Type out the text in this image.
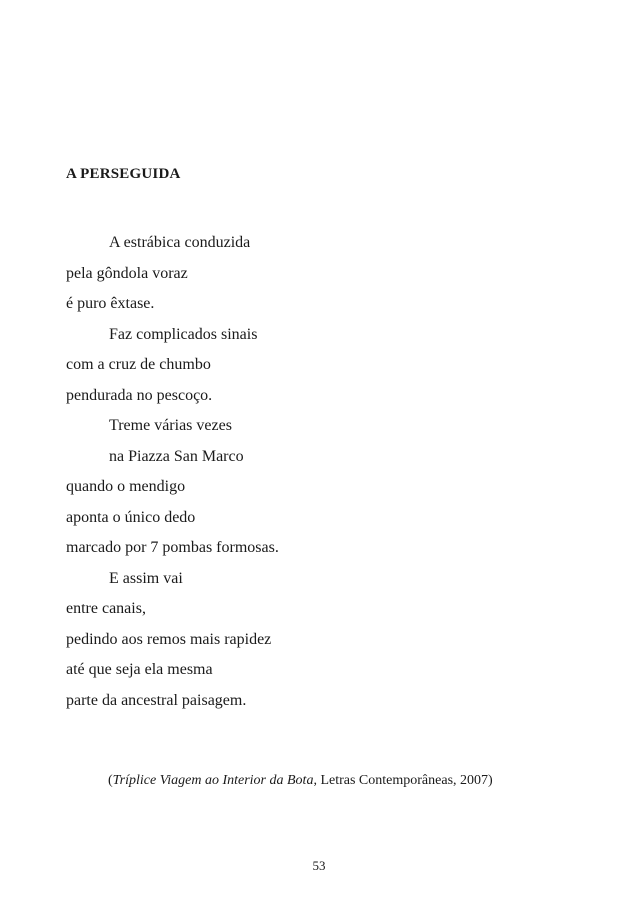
A PERSEGUIDA
A estrábica conduzida
pela gôndola voraz
é puro êxtase.
Faz complicados sinais
com a cruz de chumbo
pendurada no pescoço.
Treme várias vezes
na Piazza San Marco
quando o mendigo
aponta o único dedo
marcado por 7 pombas formosas.
E assim vai
entre canais,
pedindo aos remos mais rapidez
até que seja ela mesma
parte da ancestral paisagem.

(Tríplice Viagem ao Interior da Bota, Letras Contemporâneas, 2007)

53
